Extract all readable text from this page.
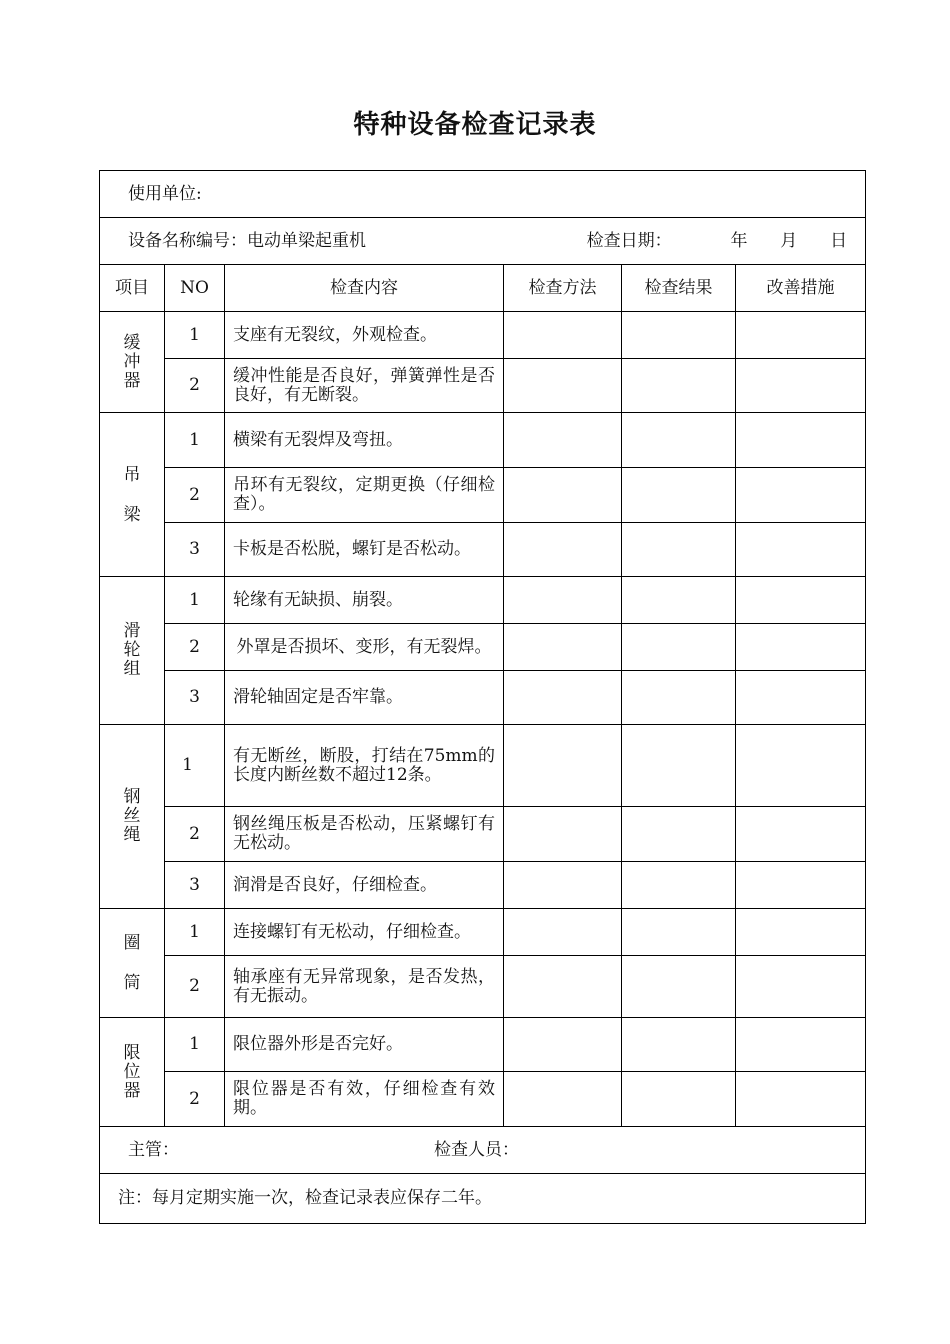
特种设备检查记录表
使用单位:					

设备名称编号：电动单梁起重机 检查日期： 年 月 日					

项目	NO	检查内容	检查方法	检查结果	改善措施

缓冲器	1	支座有无裂纹，外观检查。			
	2	缓冲性能是否良好，弹簧弹性是否良好，有无断裂。			

吊梁	1	横梁有无裂焊及弯扭。			
	2	吊环有无裂纹，定期更换（仔细检查）。			
	3	卡板是否松脱，螺钉是否松动。			

滑轮组	1	轮缘有无缺损、崩裂。			
	2	外罩是否损坏、变形，有无裂焊。			
	3	滑轮轴固定是否牢靠。			

钢丝绳	1	有无断丝，断股，打结在75mm的长度内断丝数不超过12条。			
	2	钢丝绳压板是否松动，压紧螺钉有无松动。			
	3	润滑是否良好，仔细检查。			

圈筒	1	连接螺钉有无松动，仔细检查。			
	2	轴承座有无异常现象，是否发热，有无振动。			

限位器	1	限位器外形是否完好。			
	2	限位器是否有效，仔细检查有效期。			

主管： 检查人员：					

注：每月定期实施一次，检查记录表应保存二年。					
